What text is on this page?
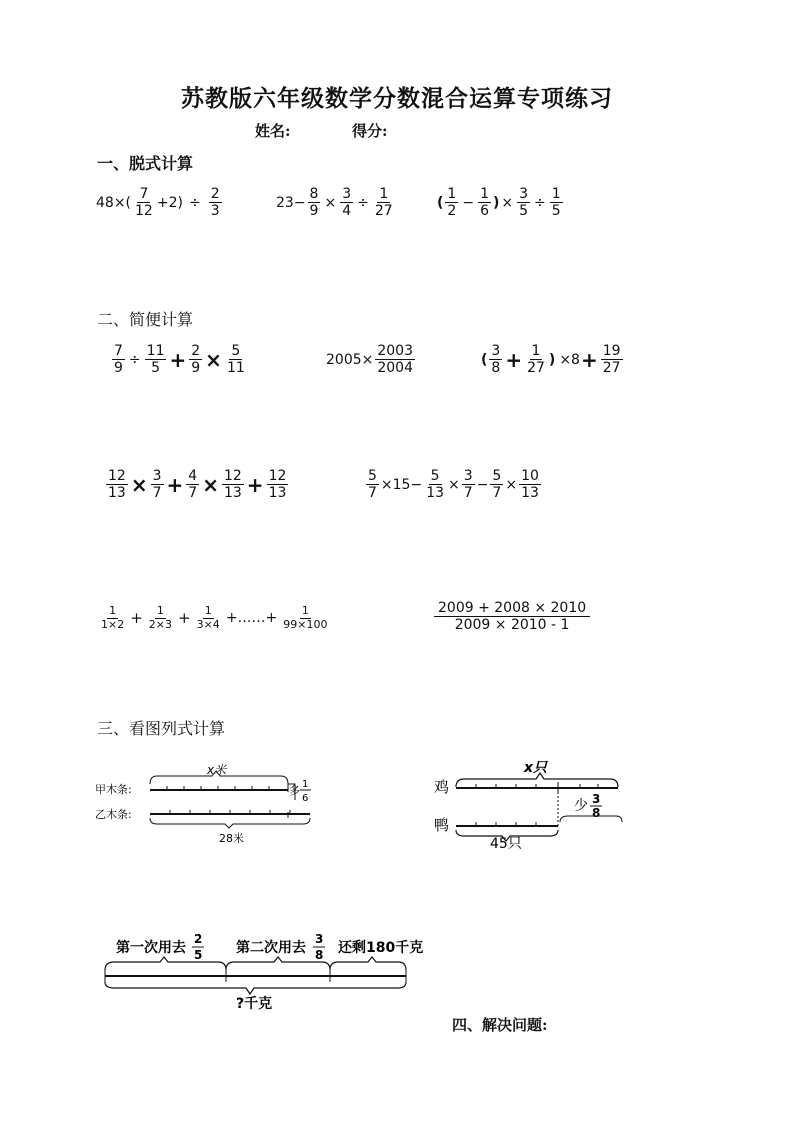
苏教版六年级数学分数混合运算专项练习
姓名:	得分:
一、脱式计算
$48\times( \frac{7}{12} +2) \div \frac{2}{3}$	$23- \frac{8}{9} \times \frac{3}{4} \div \frac{1}{27}$	( $\frac{1}{2} - \frac{1}{6}$ ) × $\frac{3}{5} \div \frac{1}{5}$
二、简便计算
$\frac{7}{9} \div \frac{11}{5} + \frac{2}{9} \times \frac{5}{11}$	$2005\times \frac{2003}{2004}$	( $\frac{3}{8} + \frac{1}{27}$ ) $\times 8 + \frac{19}{27}$
$\frac{12}{13} \times \frac{3}{7} + \frac{4}{7} \times \frac{12}{13} + \frac{12}{13}$	$\frac{5}{7} \times 15- \frac{5}{13} \times \frac{3}{7} - \frac{5}{7} \times \frac{10}{13}$
$\frac{1}{1\times 2} + \frac{1}{2\times 3} + \frac{1}{3\times 4}$ +……+ $\frac{1}{99\times 100}$	$\frac{2009 + 2008 \times 2010}{2009 \times 2010 - 1}$
三、看图列式计算
x米
甲木条:	多 1
6
乙木条:
28米
x只
鸡
少 3
8
鸭
45只
第一次用去
2
5 第二次用去
3
8 还剩180千克
?千克
四、解决问题:
